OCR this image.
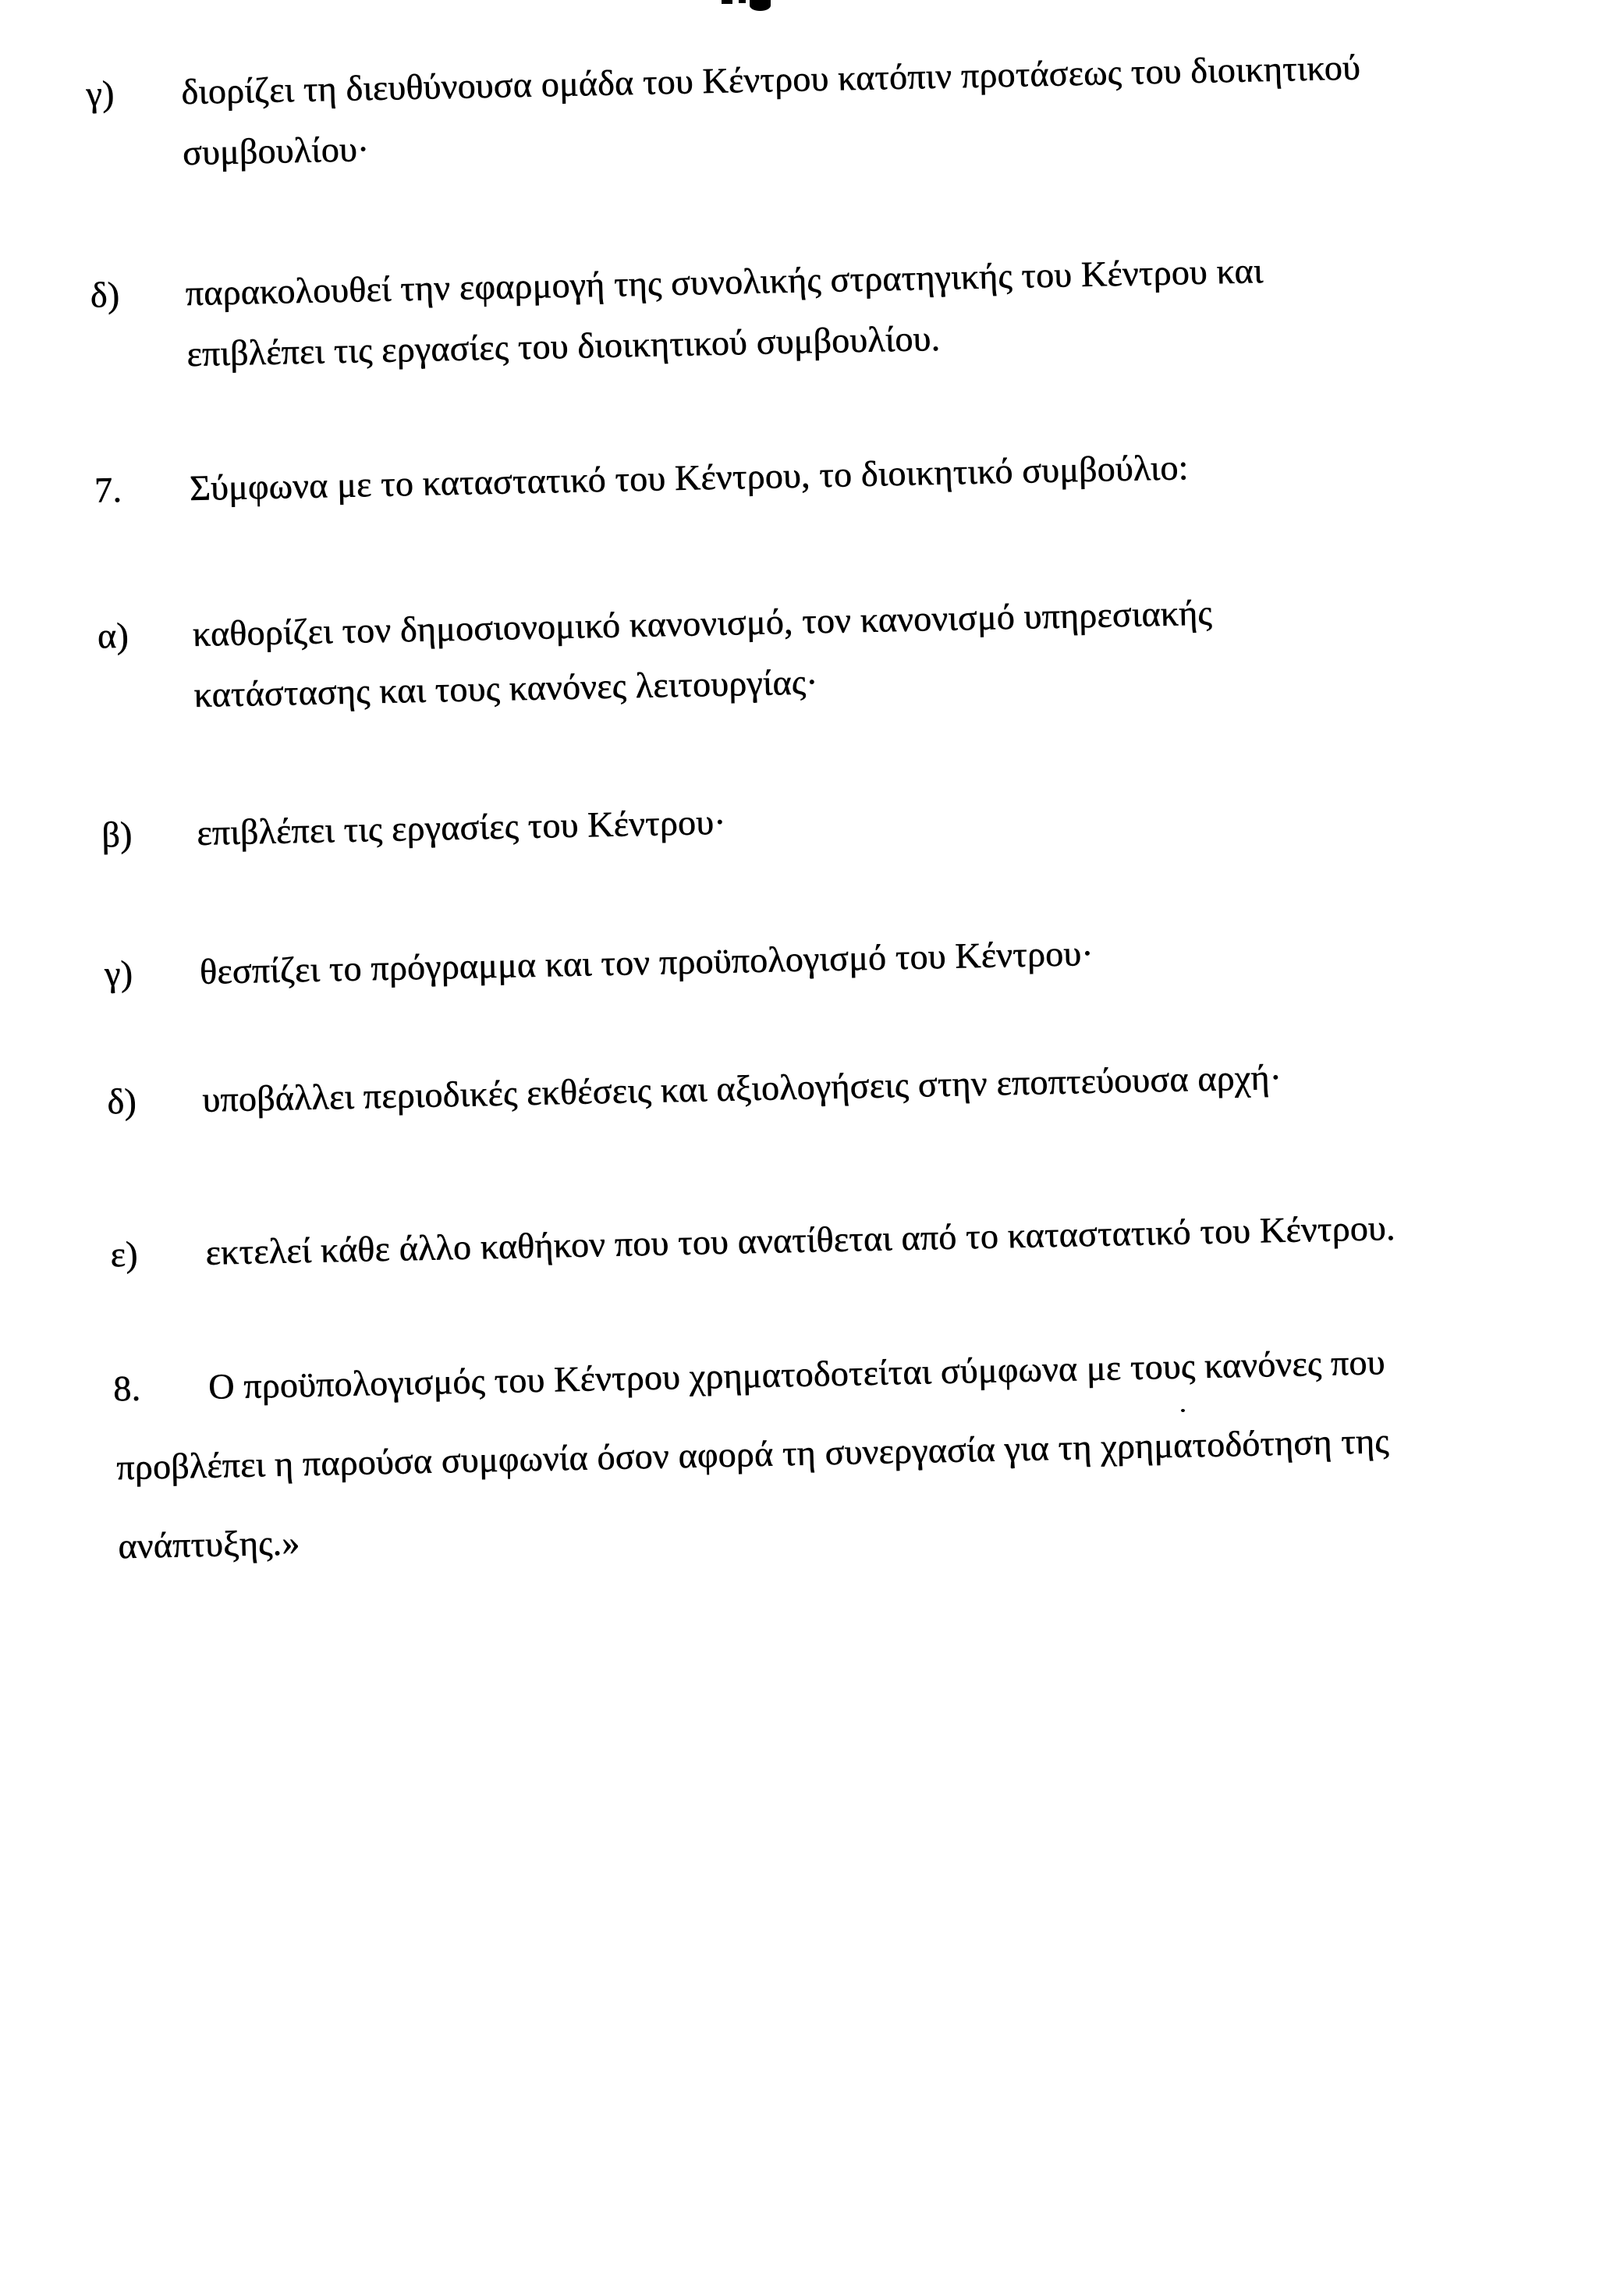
γ)	διορίζει τη διευθύνουσα ομάδα του Κέντρου κατόπιν προτάσεως του διοικητικού
συμβουλίου·
δ)	παρακολουθεί την εφαρμογή της συνολικής στρατηγικής του Κέντρου και
επιβλέπει τις εργασίες του διοικητικού συμβουλίου.
7.	Σύμφωνα με το καταστατικό του Κέντρου, το διοικητικό συμβούλιο:
α)	καθορίζει τον δημοσιονομικό κανονισμό, τον κανονισμό υπηρεσιακής
κατάστασης και τους κανόνες λειτουργίας·
β)	επιβλέπει τις εργασίες του Κέντρου·
γ)	θεσπίζει το πρόγραμμα και τον προϋπολογισμό του Κέντρου·
δ)	υποβάλλει περιοδικές εκθέσεις και αξιολογήσεις στην εποπτεύουσα αρχή·
ε)	εκτελεί κάθε άλλο καθήκον που του ανατίθεται από το καταστατικό του Κέντρου.
8. Ο προϋπολογισμός του Κέντρου χρηματοδοτείται σύμφωνα με τους κανόνες που
προβλέπει η παρούσα συμφωνία όσον αφορά τη συνεργασία για τη χρηματοδότηση της
ανάπτυξης.»
